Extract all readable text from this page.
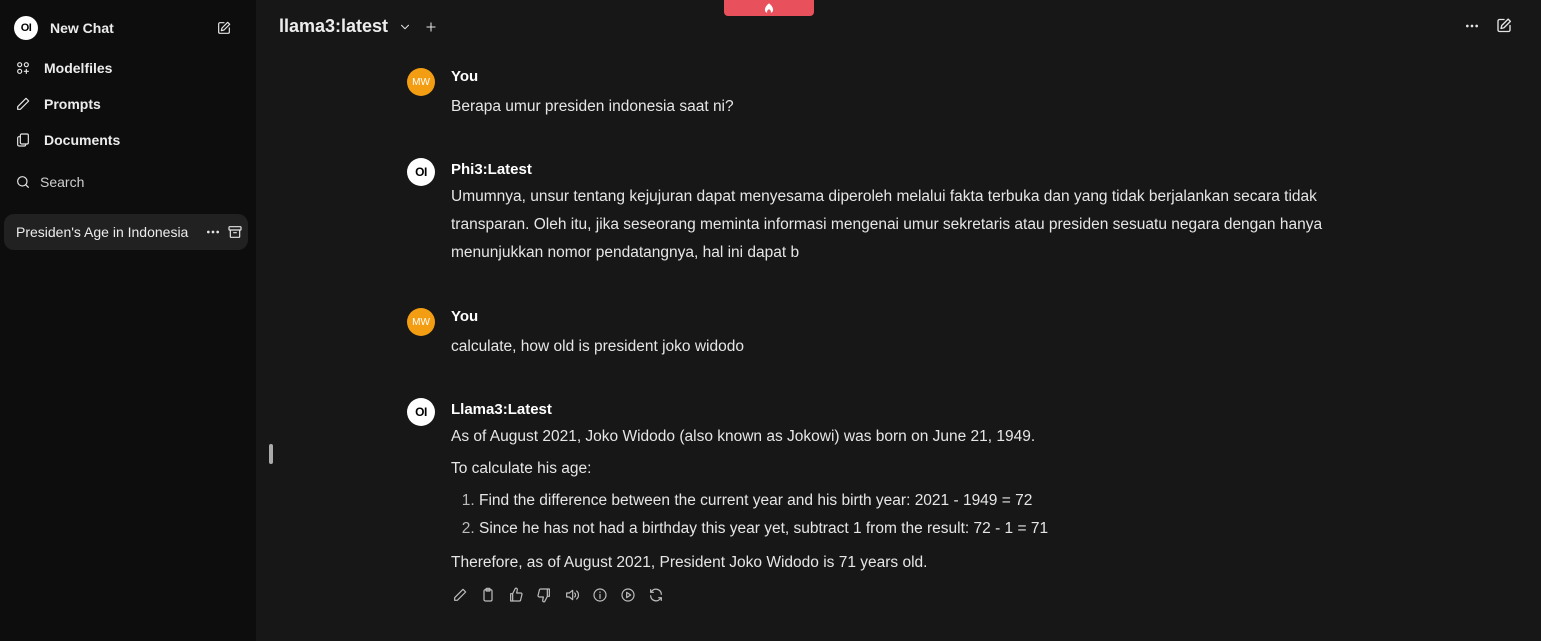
OI	New Chat
Modelfiles
Prompts
Documents
Search
Presiden's Age in Indonesia
llama3:latest
MW	You
Berapa umur presiden indonesia saat ni?
OI	Phi3:Latest
Umumnya, unsur tentang kejujuran dapat menyesama diperoleh melalui fakta terbuka dan yang tidak berjalankan secara tidak transparan. Oleh itu, jika seseorang meminta informasi mengenai umur sekretaris atau presiden sesuatu negara dengan hanya menunjukkan nomor pendatangnya, hal ini dapat b
MW	You
calculate, how old is president joko widodo
OI	Llama3:Latest
As of August 2021, Joko Widodo (also known as Jokowi) was born on June 21, 1949.
To calculate his age:
1. Find the difference between the current year and his birth year: 2021 - 1949 = 72
2. Since he has not had a birthday this year yet, subtract 1 from the result: 72 - 1 = 71
Therefore, as of August 2021, President Joko Widodo is 71 years old.
